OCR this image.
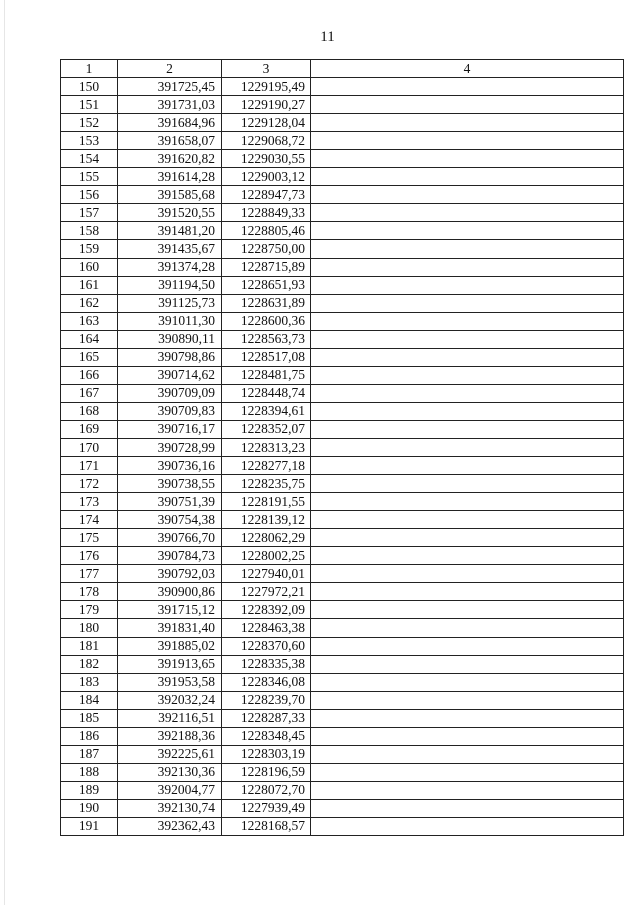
11
1	2	3	4
150	391725,45	1229195,49	
151	391731,03	1229190,27	
152	391684,96	1229128,04	
153	391658,07	1229068,72	
154	391620,82	1229030,55	
155	391614,28	1229003,12	
156	391585,68	1228947,73	
157	391520,55	1228849,33	
158	391481,20	1228805,46	
159	391435,67	1228750,00	
160	391374,28	1228715,89	
161	391194,50	1228651,93	
162	391125,73	1228631,89	
163	391011,30	1228600,36	
164	390890,11	1228563,73	
165	390798,86	1228517,08	
166	390714,62	1228481,75	
167	390709,09	1228448,74	
168	390709,83	1228394,61	
169	390716,17	1228352,07	
170	390728,99	1228313,23	
171	390736,16	1228277,18	
172	390738,55	1228235,75	
173	390751,39	1228191,55	
174	390754,38	1228139,12	
175	390766,70	1228062,29	
176	390784,73	1228002,25	
177	390792,03	1227940,01	
178	390900,86	1227972,21	
179	391715,12	1228392,09	
180	391831,40	1228463,38	
181	391885,02	1228370,60	
182	391913,65	1228335,38	
183	391953,58	1228346,08	
184	392032,24	1228239,70	
185	392116,51	1228287,33	
186	392188,36	1228348,45	
187	392225,61	1228303,19	
188	392130,36	1228196,59	
189	392004,77	1228072,70	
190	392130,74	1227939,49	
191	392362,43	1228168,57	
